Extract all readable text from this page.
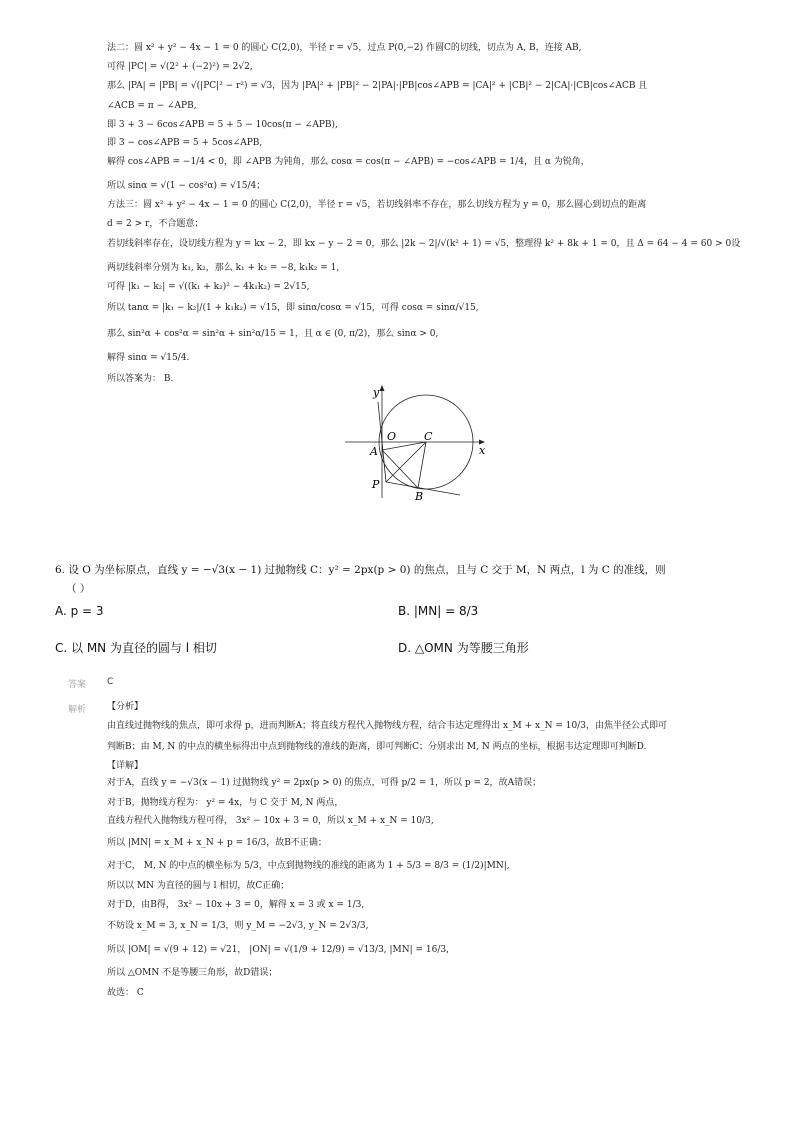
法二：圆 x² + y² − 4x − 1 = 0 的圆心 C(2,0)，半径 r = √5，过点 P(0,−2) 作圆C的切线，切点为 A, B，连接 AB,
可得 |PC| = √(2² + (−2)²) = 2√2,
那么 |PA| = |PB| = √(|PC|² − r²) = √3，因为 |PA|² + |PB|² − 2|PA|·|PB|cos∠APB = |CA|² + |CB|² − 2|CA|·|CB|cos∠ACB 且
∠ACB = π − ∠APB,
即 3 + 3 − 6cos∠APB = 5 + 5 − 10cos(π − ∠APB),
即 3 − cos∠APB = 5 + 5cos∠APB,
解得 cos∠APB = −1/4 < 0，即 ∠APB 为钝角，那么 cosα = cos(π − ∠APB) = −cos∠APB = 1/4，且 α 为锐角，
所以 sinα = √(1 − cos²α) = √15/4；
方法三：圆 x² + y² − 4x − 1 = 0 的圆心 C(2,0)，半径 r = √5，若切线斜率不存在，那么切线方程为 y = 0，那么圆心到切点的距离
d = 2 > r，不合题意；
若切线斜率存在，设切线方程为 y = kx − 2，即 kx − y − 2 = 0，那么 |2k − 2|/√(k² + 1) = √5，整理得 k² + 8k + 1 = 0，且 Δ = 64 − 4 = 60 > 0设
两切线斜率分别为 k₁, k₂，那么 k₁ + k₂ = −8, k₁k₂ = 1,
可得 |k₁ − k₂| = √((k₁ + k₂)² − 4k₁k₂) = 2√15,
所以 tanα = |k₁ − k₂|/(1 + k₁k₂) = √15，即 sinα/cosα = √15，可得 cosα = sinα/√15,
那么 sin²α + cos²α = sin²α + sin²α/15 = 1，且 α ∈ (0, π/2)，那么 sinα > 0,
解得 sinα = √15/4.
所以答案为： B.
y
x
O	C
A
P
B
6. 设 O 为坐标原点，直线 y = −√3(x − 1) 过抛物线 C：y² = 2px(p > 0) 的焦点，且与 C 交于 M，N 两点，l 为 C 的准线，则
（ ）
A. p = 3	B. |MN| = 8/3
C. 以 MN 为直径的圆与 l 相切	D. △OMN 为等腰三角形
答案 C
解析 【分析】
由直线过抛物线的焦点，即可求得 p，进而判断A；将直线方程代入抛物线方程，结合韦达定理得出 x_M + x_N = 10/3，由焦半径公式即可
判断B；由 M, N 的中点的横坐标得出中点到抛物线的准线的距离，即可判断C；分别求出 M, N 两点的坐标，根据韦达定理即可判断D.
【详解】
对于A，直线 y = −√3(x − 1) 过抛物线 y² = 2px(p > 0) 的焦点，可得 p/2 = 1，所以 p = 2，故A错误；
对于B，抛物线方程为： y² = 4x，与 C 交于 M, N 两点，
直线方程代入抛物线方程可得， 3x² − 10x + 3 = 0，所以 x_M + x_N = 10/3,
所以 |MN| = x_M + x_N + p = 16/3，故B不正确；
对于C， M, N 的中点的横坐标为 5/3，中点到抛物线的准线的距离为 1 + 5/3 = 8/3 = (1/2)|MN|,
所以以 MN 为直径的圆与 l 相切，故C正确；
对于D，由B得， 3x² − 10x + 3 = 0，解得 x = 3 或 x = 1/3,
不妨设 x_M = 3, x_N = 1/3，则 y_M = −2√3, y_N = 2√3/3,
所以 |OM| = √(9 + 12) = √21， |ON| = √(1/9 + 12/9) = √13/3, |MN| = 16/3,
所以 △OMN 不是等腰三角形，故D错误；
故选： C
